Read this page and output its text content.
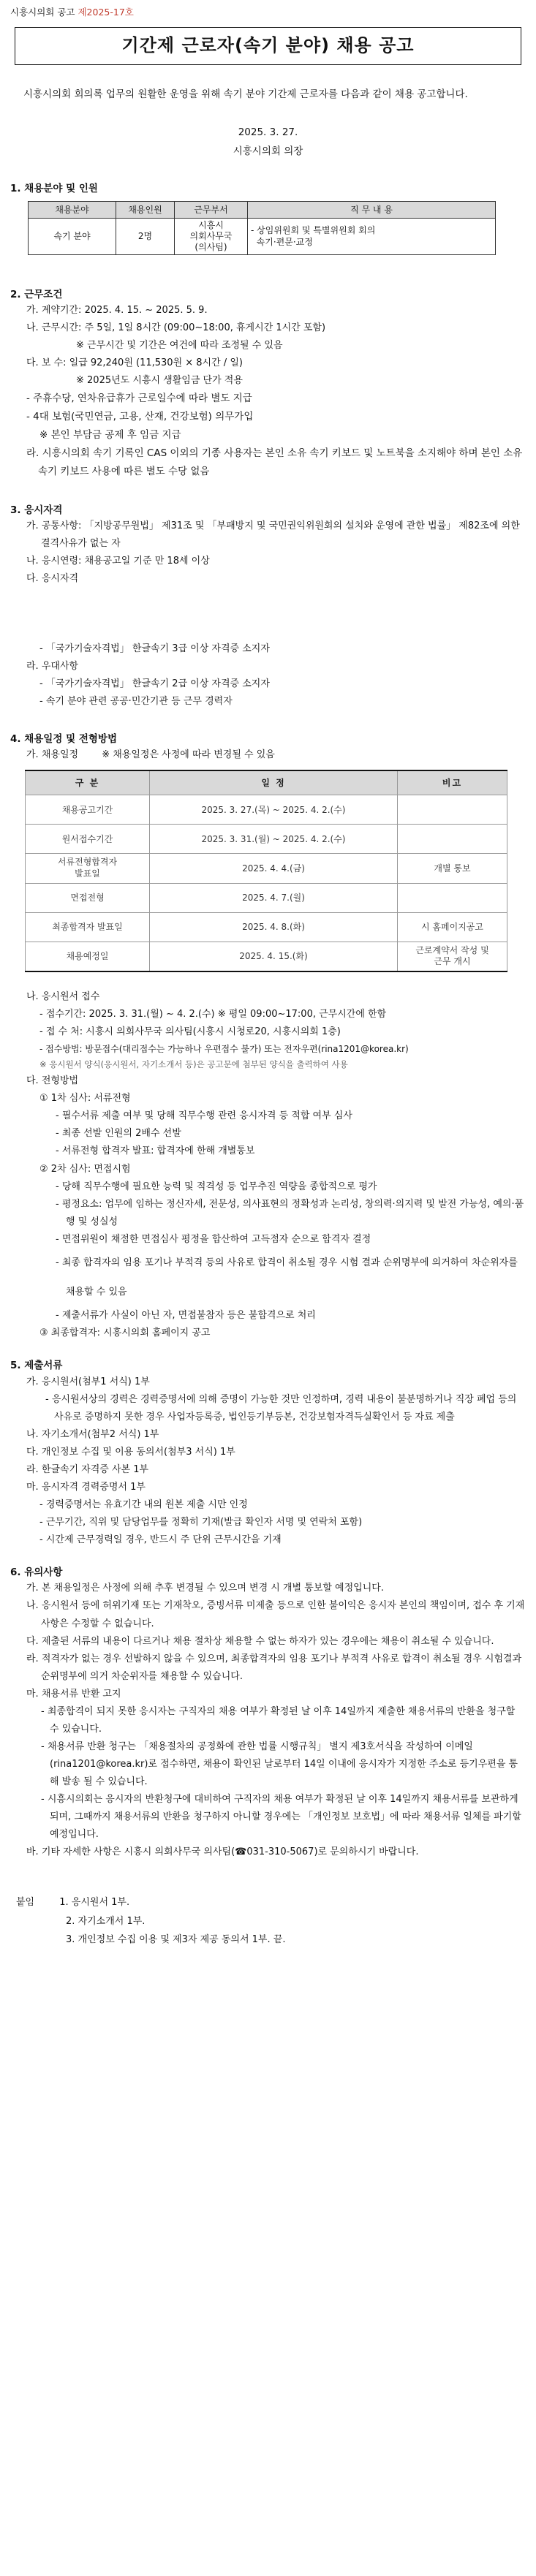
시흥시의회 공고 제2025-17호
기간제 근로자(속기 분야) 채용 공고

시흥시의회 회의록 업무의 원활한 운영을 위해 속기 분야 기간제 근로자를 다음과 같이 채용 공고합니다.

2025. 3. 27.
시흥시의회 의장
1. 채용분야 및 인원
채용분야	채용인원	근무부서	직 무 내 용
속기 분야	2명	시흥시
의회사무국
(의사팀)	- 상임위원회 및 특별위원회 회의
속기·편문·교정
2. 근무조건
가. 계약기간: 2025. 4. 15. ~ 2025. 5. 9.
나. 근무시간: 주 5일, 1일 8시간 (09:00~18:00, 휴게시간 1시간 포함)
※ 근무시간 및 기간은 여건에 따라 조정될 수 있음
다. 보 수: 일급 92,240원 (11,530원 × 8시간 / 일)
※ 2025년도 시흥시 생활임금 단가 적용
- 주휴수당, 연차유급휴가 근로일수에 따라 별도 지급
- 4대 보험(국민연금, 고용, 산재, 건강보험) 의무가입
※ 본인 부담금 공제 후 임금 지급
라. 시흥시의회 속기 기록인 CAS 이외의 기종 사용자는 본인 소유 속기 키보드 및 노트북을 소지해야 하며 본인 소유 속기 키보드 사용에 따른 별도 수당 없음
3. 응시자격
가. 공통사항: 「지방공무원법」 제31조 및 「부패방지 및 국민권익위원회의 설치와 운영에 관한 법률」 제82조에 의한 결격사유가 없는 자
나. 응시연령: 채용공고일 기준 만 18세 이상
다. 응시자격
- 「국가기술자격법」 한글속기 3급 이상 자격증 소지자
라. 우대사항
- 「국가기술자격법」 한글속기 2급 이상 자격증 소지자
- 속기 분야 관련 공공·민간기관 등 근무 경력자
4. 채용일정 및 전형방법
가. 채용일정 ※ 채용일정은 사정에 따라 변경될 수 있음
구 분	일 정	비고
채용공고기간	2025. 3. 27.(목) ~ 2025. 4. 2.(수)	
원서접수기간	2025. 3. 31.(월) ~ 2025. 4. 2.(수)	
서류전형합격자
발표일	2025. 4. 4.(금)	개별 통보
면접전형	2025. 4. 7.(월)	
최종합격자 발표일	2025. 4. 8.(화)	시 홈페이지공고
채용예정일	2025. 4. 15.(화)	근로계약서 작성 및
근무 개시
나. 응시원서 접수
- 접수기간: 2025. 3. 31.(월) ~ 4. 2.(수) ※ 평일 09:00~17:00, 근무시간에 한함
- 접 수 처: 시흥시 의회사무국 의사팀(시흥시 시청로20, 시흥시의회 1층)
- 접수방법: 방문접수(대리접수는 가능하나 우편접수 불가) 또는 전자우편(rina1201@korea.kr)
※ 응시원서 양식(응시원서, 자기소개서 등)은 공고문에 첨부된 양식을 출력하여 사용
다. 전형방법
① 1차 심사: 서류전형
- 필수서류 제출 여부 및 당해 직무수행 관련 응시자격 등 적합 여부 심사
- 최종 선발 인원의 2배수 선발
- 서류전형 합격자 발표: 합격자에 한해 개별통보
② 2차 심사: 면접시험
- 당해 직무수행에 필요한 능력 및 적격성 등 업무추진 역량을 종합적으로 평가
- 평정요소: 업무에 임하는 정신자세, 전문성, 의사표현의 정확성과 논리성, 창의력·의지력 및 발전 가능성, 예의·품행 및 성실성
- 면접위원이 채점한 면접심사 평정을 합산하여 고득점자 순으로 합격자 결정
- 최종 합격자의 임용 포기나 부적격 등의 사유로 합격이 취소될 경우 시험 결과 순위명부에 의거하여 차순위자를 채용할 수 있음
- 제출서류가 사실이 아닌 자, 면접불참자 등은 불합격으로 처리
③ 최종합격자: 시흥시의회 홈페이지 공고
5. 제출서류
가. 응시원서(첨부1 서식) 1부
- 응시원서상의 경력은 경력증명서에 의해 증명이 가능한 것만 인정하며, 경력 내용이 불분명하거나 직장 폐업 등의 사유로 증명하지 못한 경우 사업자등록증, 법인등기부등본, 건강보험자격득실확인서 등 자료 제출
나. 자기소개서(첨부2 서식) 1부
다. 개인정보 수집 및 이용 동의서(첨부3 서식) 1부
라. 한글속기 자격증 사본 1부
마. 응시자격 경력증명서 1부
- 경력증명서는 유효기간 내의 원본 제출 시만 인정
- 근무기간, 직위 및 담당업무를 정확히 기재(발급 확인자 서명 및 연락처 포함)
- 시간제 근무경력일 경우, 반드시 주 단위 근무시간을 기재
6. 유의사항
가. 본 채용일정은 사정에 의해 추후 변경될 수 있으며 변경 시 개별 통보할 예정입니다.
나. 응시원서 등에 허위기재 또는 기재착오, 증빙서류 미제출 등으로 인한 불이익은 응시자 본인의 책임이며, 접수 후 기재사항은 수정할 수 없습니다.
다. 제출된 서류의 내용이 다르거나 채용 절차상 채용할 수 없는 하자가 있는 경우에는 채용이 취소될 수 있습니다.
라. 적격자가 없는 경우 선발하지 않을 수 있으며, 최종합격자의 임용 포기나 부적격 사유로 합격이 취소될 경우 시험결과 순위명부에 의거 차순위자를 채용할 수 있습니다.
마. 채용서류 반환 고지
- 최종합격이 되지 못한 응시자는 구직자의 채용 여부가 확정된 날 이후 14일까지 제출한 채용서류의 반환을 청구할 수 있습니다.
- 채용서류 반환 청구는 「채용절차의 공정화에 관한 법률 시행규칙」 별지 제3호서식을 작성하여 이메일(rina1201@korea.kr)로 접수하면, 채용이 확인된 날로부터 14일 이내에 응시자가 지정한 주소로 등기우편을 통해 발송 될 수 있습니다.
- 시흥시의회는 응시자의 반환청구에 대비하여 구직자의 채용 여부가 확정된 날 이후 14일까지 채용서류를 보관하게 되며, 그때까지 채용서류의 반환을 청구하지 아니할 경우에는 「개인정보 보호법」에 따라 채용서류 일체를 파기할 예정입니다.
바. 기타 자세한 사항은 시흥시 의회사무국 의사팀(☎031-310-5067)로 문의하시기 바랍니다.
붙임	1. 응시원서 1부.
2. 자기소개서 1부.
3. 개인정보 수집 이용 및 제3자 제공 동의서 1부. 끝.
